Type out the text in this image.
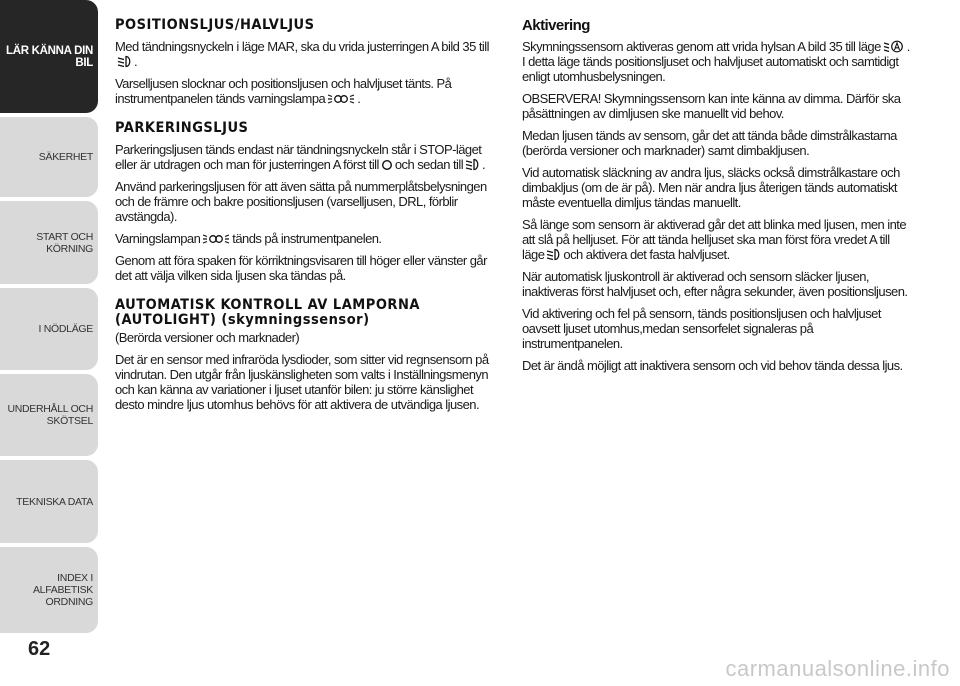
LÄR KÄNNA DIN BIL
SÄKERHET
START OCH KÖRNING
I NÖDLÄGE
UNDERHÅLL OCH SKÖTSEL
TEKNISKA DATA
INDEX I ALFABETISK ORDNING
62
POSITIONSLJUS/HALVLJUS

Med tändningsnyckeln i läge MAR, ska du vrida justerringen A bild 35 till.

Varselljusen slocknar och positionsljusen och halvljuset tänts. På instrumentpanelen tänds varningslampa .

PARKERINGSLJUS

Parkeringsljusen tänds endast när tändningsnyckeln står i STOP-läget eller är utdragen och man för justerringen A först till och sedan till .

Använd parkeringsljusen för att även sätta på nummerplåtsbelysningen och de främre och bakre positionsljusen (varselljusen, DRL, förblir avstängda).

Varningslampan tänds på instrumentpanelen.

Genom att föra spaken för körriktningsvisaren till höger eller vänster går det att välja vilken sida ljusen ska tändas på.

AUTOMATISK KONTROLL AV LAMPORNA (AUTOLIGHT) (skymningssensor)

(Berörda versioner och marknader)

Det är en sensor med infraröda lysdioder, som sitter vid regnsensorn på vindrutan. Den utgår från ljuskänsligheten som valts i Inställningsmenyn och kan känna av variationer i ljuset utanför bilen: ju större känslighet desto mindre ljus utomhus behövs för att aktivera de utvändiga ljusen.

Aktivering

Skymningssensorn aktiveras genom att vrida hylsan A bild 35 till läge . I detta läge tänds positionsljuset och halvljuset automatiskt och samtidigt enligt utomhusbelysningen.

OBSERVERA! Skymningssensorn kan inte känna av dimma. Därför ska påsättningen av dimljusen ske manuellt vid behov.

Medan ljusen tänds av sensorn, går det att tända både dimstrålkastarna (berörda versioner och marknader) samt dimbakljusen.

Vid automatisk släckning av andra ljus, släcks också dimstrålkastare och dimbakljus (om de är på). Men när andra ljus återigen tänds automatiskt måste eventuella dimljus tändas manuellt.

Så länge som sensorn är aktiverad går det att blinka med ljusen, men inte att slå på helljuset. För att tända helljuset ska man först föra vredet A till läge och aktivera det fasta halvljuset.

När automatisk ljuskontroll är aktiverad och sensorn släcker ljusen, inaktiveras först halvljuset och, efter några sekunder, även positionsljusen.

Vid aktivering och fel på sensorn, tänds positionsljusen och halvljuset oavsett ljuset utomhus,medan sensorfelet signaleras på instrumentpanelen.

Det är ändå möjligt att inaktivera sensorn och vid behov tända dessa ljus.

carmanualsonline.info
